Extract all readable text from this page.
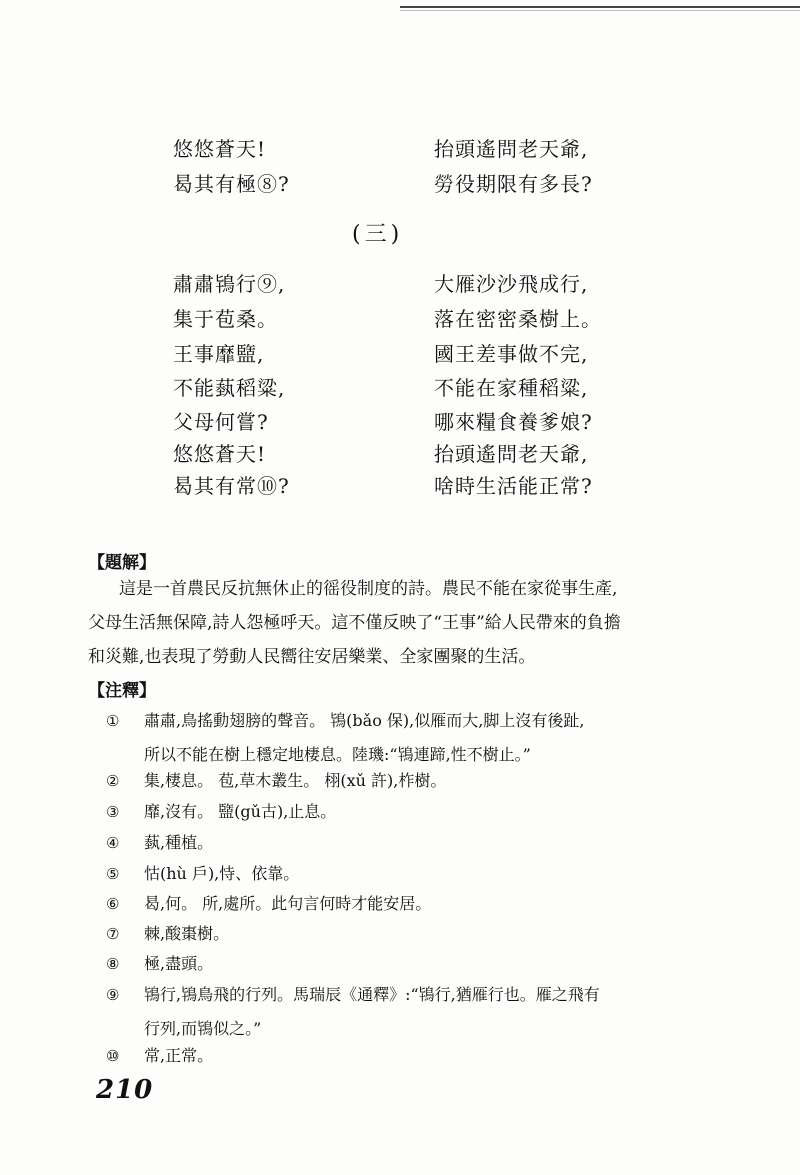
悠悠蒼天!
曷其有極⑧?
抬頭遙問老天爺,
勞役期限有多長?
(三)
肅肅鴇行⑨,
集于苞桑。
王事靡盬,
不能蓺稻粱,
父母何嘗?
悠悠蒼天!
曷其有常⑩?
大雁沙沙飛成行,
落在密密桑樹上。
國王差事做不完,
不能在家種稻粱,
哪來糧食養爹娘?
抬頭遙問老天爺,
啥時生活能正常?
【題解】

這是一首農民反抗無休止的徭役制度的詩。農民不能在家從事生產,

父母生活無保障,詩人怨極呼天。這不僅反映了“王事”給人民帶來的負擔

和災難,也表現了勞動人民嚮往安居樂業、全家團聚的生活。

【注釋】
① 肅肅,鳥搖動翅膀的聲音。 鴇(bǎo 保),似雁而大,脚上沒有後趾,
所以不能在樹上穩定地棲息。陸璣:“鴇連蹄,性不樹止。”
② 集,棲息。 苞,草木叢生。 栩(xǔ 許),柞樹。
③ 靡,沒有。 盬(gǔ古),止息。
④ 蓺,種植。
⑤ 怙(hù 戶),恃、依靠。
⑥ 曷,何。 所,處所。此句言何時才能安居。
⑦ 棘,酸棗樹。
⑧ 極,盡頭。
⑨ 鴇行,鴇鳥飛的行列。馬瑞辰《通釋》:“鴇行,猶雁行也。雁之飛有
行列,而鴇似之。”
⑩ 常,正常。
210
